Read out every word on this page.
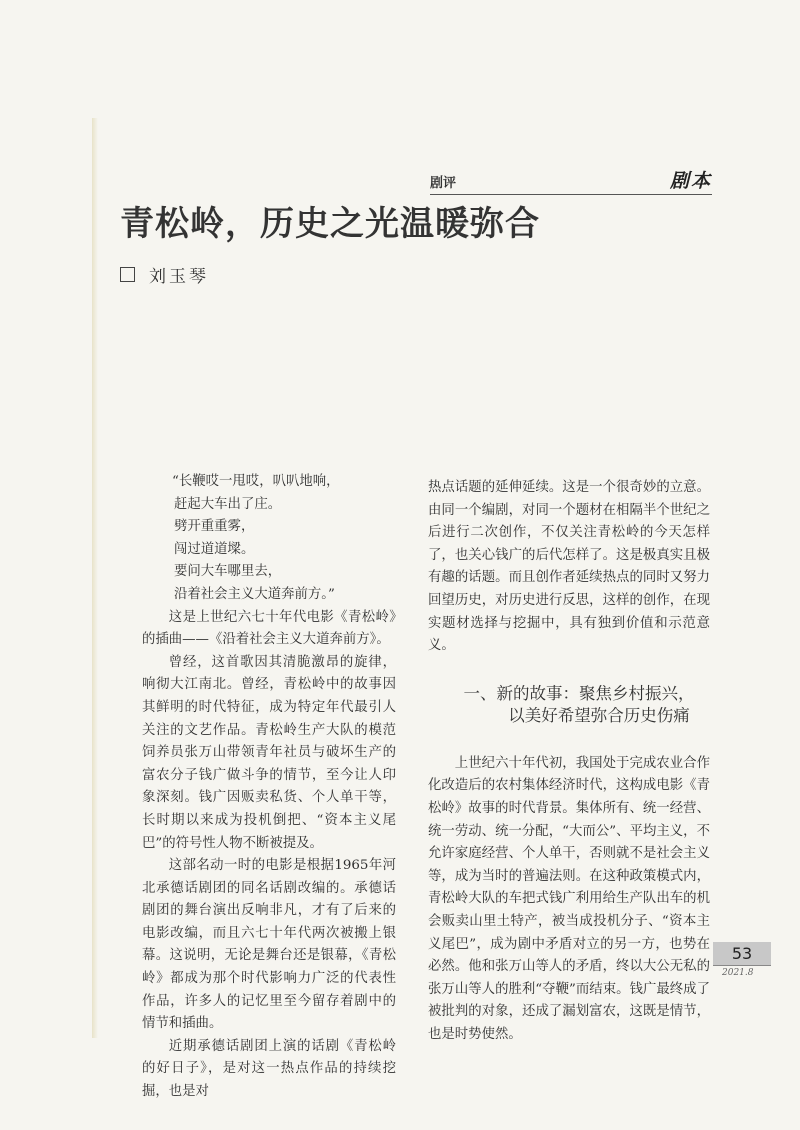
剧评	剧本
青松岭，历史之光温暖弥合
刘玉琴

“长鞭哎一甩哎，叭叭地响，

赶起大车出了庄。

劈开重重雾，

闯过道道墚。

要问大车哪里去，

沿着社会主义大道奔前方。”

这是上世纪六七十年代电影《青松岭》的插曲——《沿着社会主义大道奔前方》。

曾经，这首歌因其清脆激昂的旋律，响彻大江南北。曾经，青松岭中的故事因其鲜明的时代特征，成为特定年代最引人关注的文艺作品。青松岭生产大队的模范饲养员张万山带领青年社员与破坏生产的富农分子钱广做斗争的情节，至今让人印象深刻。钱广因贩卖私货、个人单干等，长时期以来成为投机倒把、“资本主义尾巴”的符号性人物不断被提及。

这部名动一时的电影是根据1965年河北承德话剧团的同名话剧改编的。承德话剧团的舞台演出反响非凡，才有了后来的电影改编，而且六七十年代两次被搬上银幕。这说明，无论是舞台还是银幕，《青松岭》都成为那个时代影响力广泛的代表性作品，许多人的记忆里至今留存着剧中的情节和插曲。

近期承德话剧团上演的话剧《青松岭的好日子》，是对这一热点作品的持续挖掘，也是对

热点话题的延伸延续。这是一个很奇妙的立意。由同一个编剧，对同一个题材在相隔半个世纪之后进行二次创作，不仅关注青松岭的今天怎样了，也关心钱广的后代怎样了。这是极真实且极有趣的话题。而且创作者延续热点的同时又努力回望历史，对历史进行反思，这样的创作，在现实题材选择与挖掘中，具有独到价值和示范意义。

一、新的故事：聚焦乡村振兴，
以美好希望弥合历史伤痛

上世纪六十年代初，我国处于完成农业合作化改造后的农村集体经济时代，这构成电影《青松岭》故事的时代背景。集体所有、统一经营、统一劳动、统一分配，“大而公”、平均主义，不允许家庭经营、个人单干，否则就不是社会主义等，成为当时的普遍法则。在这种政策模式内，青松岭大队的车把式钱广利用给生产队出车的机会贩卖山里土特产，被当成投机分子、“资本主义尾巴”，成为剧中矛盾对立的另一方，也势在必然。他和张万山等人的矛盾，终以大公无私的张万山等人的胜利“夺鞭”而结束。钱广最终成了被批判的对象，还成了漏划富农，这既是情节，也是时势使然。

53
2021.8
